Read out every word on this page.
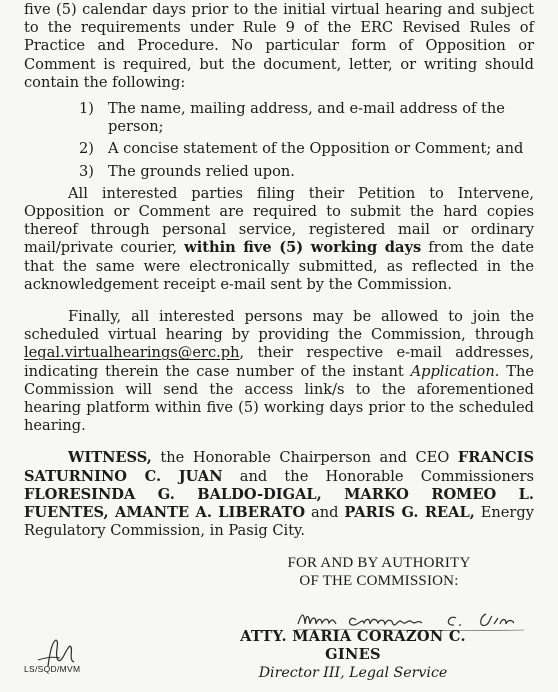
five (5) calendar days prior to the initial virtual hearing and subject to the requirements under Rule 9 of the ERC Revised Rules of Practice and Procedure. No particular form of Opposition or Comment is required, but the document, letter, or writing should contain the following:

1) The name, mailing address, and e-mail address of the person;
2) A concise statement of the Opposition or Comment; and
3) The grounds relied upon.

All interested parties filing their Petition to Intervene, Opposition or Comment are required to submit the hard copies thereof through personal service, registered mail or ordinary mail/private courier, within five (5) working days from the date that the same were electronically submitted, as reflected in the acknowledgement receipt e-mail sent by the Commission.

Finally, all interested persons may be allowed to join the scheduled virtual hearing by providing the Commission, through legal.virtualhearings@erc.ph, their respective e-mail addresses, indicating therein the case number of the instant Application. The Commission will send the access link/s to the aforementioned hearing platform within five (5) working days prior to the scheduled hearing.

WITNESS, the Honorable Chairperson and CEO FRANCIS SATURNINO C. JUAN and the Honorable Commissioners FLORESINDA G. BALDO-DIGAL, MARKO ROMEO L. FUENTES, AMANTE A. LIBERATO and PARIS G. REAL, Energy Regulatory Commission, in Pasig City.

FOR AND BY AUTHORITY
OF THE COMMISSION:
ATTY. MARIA CORAZON C. GINES
Director III, Legal Service
LS/SQD/MVM
